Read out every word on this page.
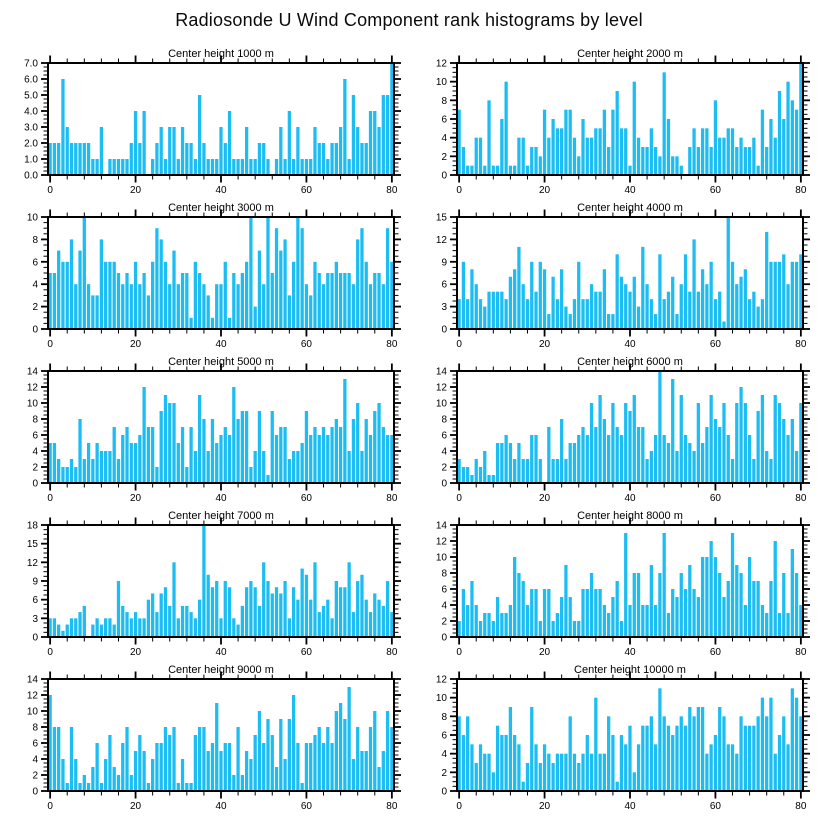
Radiosonde U Wind Component rank histograms by level
Center height 1000 m
0	20	40	60	80
0.0
1.0
2.0
3.0
4.0
5.0
6.0
7.0
Center height 2000 m
0	20	40	60	80
0
2
4
6
8
10
12
Center height 3000 m
0	20	40	60	80
0
2
4
6
8
10
Center height 4000 m
0	20	40	60	80
0
3
6
9
12
15
Center height 5000 m
0	20	40	60	80
0
2
4
6
8
10
12
14
Center height 6000 m
0	20	40	60	80
0
2
4
6
8
10
12
14
Center height 7000 m
0	20	40	60	80
0
3
6
9
12
15
18
Center height 8000 m
0	20	40	60	80
0
2
4
6
8
10
12
14
Center height 9000 m
0	20	40	60	80
0
2
4
6
8
10
12
14
Center height 10000 m
0	20	40	60	80
0
2
4
6
8
10
12
